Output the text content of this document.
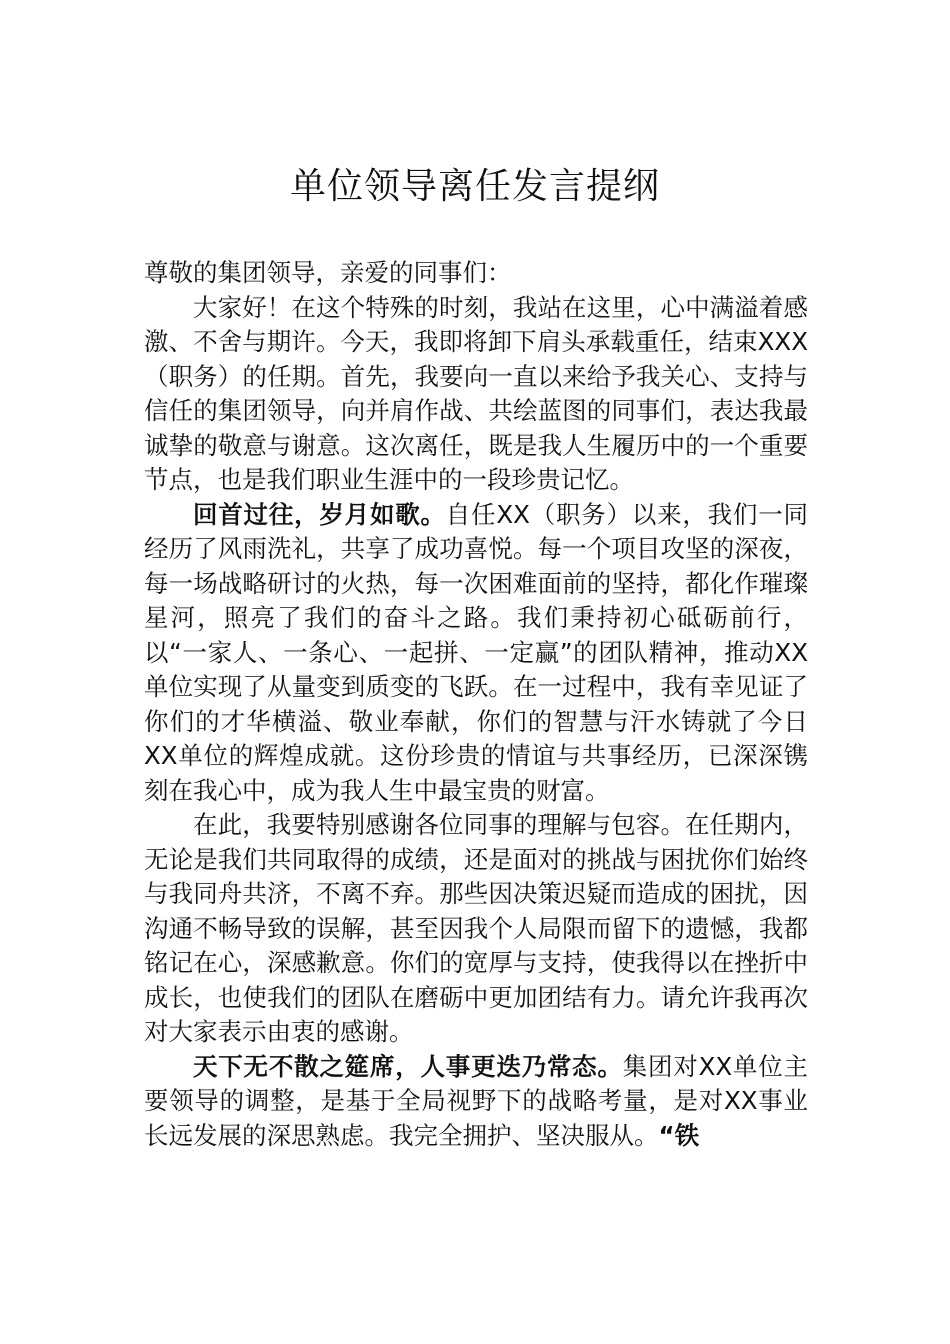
单位领导离任发言提纲

尊敬的集团领导，亲爱的同事们：

大家好！在这个特殊的时刻，我站在这里，心中满溢着感激、不舍与期许。今天，我即将卸下肩头承载重任，结束XXX（职务）的任期。首先，我要向一直以来给予我关心、支持与信任的集团领导，向并肩作战、共绘蓝图的同事们，表达我最诚挚的敬意与谢意。这次离任，既是我人生履历中的一个重要节点，也是我们职业生涯中的一段珍贵记忆。

回首过往，岁月如歌。自任XX（职务）以来，我们一同经历了风雨洗礼，共享了成功喜悦。每一个项目攻坚的深夜，每一场战略研讨的火热，每一次困难面前的坚持，都化作璀璨星河，照亮了我们的奋斗之路。我们秉持初心砥砺前行，以“一家人、一条心、一起拼、一定赢”的团队精神，推动XX单位实现了从量变到质变的飞跃。在一过程中，我有幸见证了你们的才华横溢、敬业奉献，你们的智慧与汗水铸就了今日XX单位的辉煌成就。这份珍贵的情谊与共事经历，已深深镌刻在我心中，成为我人生中最宝贵的财富。

在此，我要特别感谢各位同事的理解与包容。在任期内，无论是我们共同取得的成绩，还是面对的挑战与困扰你们始终与我同舟共济，不离不弃。那些因决策迟疑而造成的困扰，因沟通不畅导致的误解，甚至因我个人局限而留下的遗憾，我都铭记在心，深感歉意。你们的宽厚与支持，使我得以在挫折中成长，也使我们的团队在磨砺中更加团结有力。请允许我再次对大家表示由衷的感谢。

天下无不散之筵席，人事更迭乃常态。集团对XX单位主要领导的调整，是基于全局视野下的战略考量，是对XX事业长远发展的深思熟虑。我完全拥护、坚决服从。“铁
